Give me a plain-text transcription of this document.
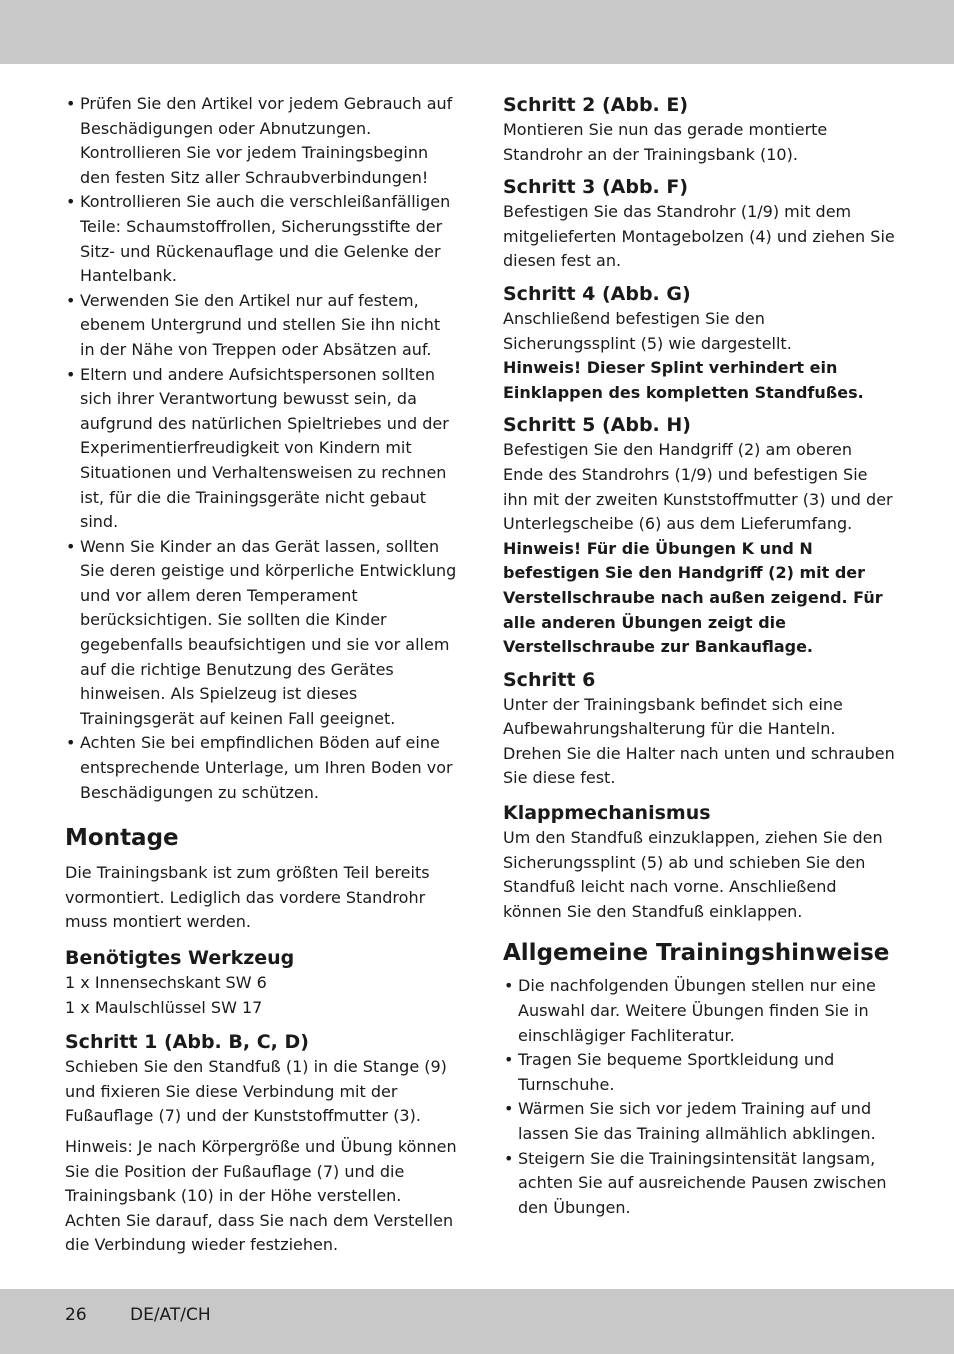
• Prüfen Sie den Artikel vor jedem Gebrauch auf Beschädigungen oder Abnutzungen. Kontrollieren Sie vor jedem Trainingsbeginn den festen Sitz aller Schraubverbindungen!
• Kontrollieren Sie auch die verschleißanfälligen Teile: Schaumstoffrollen, Sicherungsstifte der Sitz- und Rückenauflage und die Gelenke der Hantelbank.
• Verwenden Sie den Artikel nur auf festem, ebenem Untergrund und stellen Sie ihn nicht in der Nähe von Treppen oder Absätzen auf.
• Eltern und andere Aufsichtspersonen sollten sich ihrer Verantwortung bewusst sein, da aufgrund des natürlichen Spieltriebes und der Experimentierfreudigkeit von Kindern mit Situationen und Verhaltensweisen zu rechnen ist, für die die Trainingsgeräte nicht gebaut sind.
• Wenn Sie Kinder an das Gerät lassen, sollten Sie deren geistige und körperliche Entwicklung und vor allem deren Temperament berücksichtigen. Sie sollten die Kinder gegebenfalls beaufsichtigen und sie vor allem auf die richtige Benutzung des Gerätes hinweisen. Als Spielzeug ist dieses Trainingsgerät auf keinen Fall geeignet.
• Achten Sie bei empfindlichen Böden auf eine entsprechende Unterlage, um Ihren Boden vor Beschädigungen zu schützen.
Montage

Die Trainingsbank ist zum größten Teil bereits vormontiert. Lediglich das vordere Standrohr muss montiert werden.

Benötigtes Werkzeug

1 x Innensechskant SW 6

1 x Maulschlüssel SW 17

Schritt 1 (Abb. B, C, D)

Schieben Sie den Standfuß (1) in die Stange (9) und fixieren Sie diese Verbindung mit der Fußauflage (7) und der Kunststoffmutter (3).

Hinweis: Je nach Körpergröße und Übung können Sie die Position der Fußauflage (7) und die Trainingsbank (10) in der Höhe verstellen. Achten Sie darauf, dass Sie nach dem Verstellen die Verbindung wieder festziehen.

Schritt 2 (Abb. E)

Montieren Sie nun das gerade montierte Standrohr an der Trainingsbank (10).

Schritt 3 (Abb. F)

Befestigen Sie das Standrohr (1/9) mit dem mitgelieferten Montagebolzen (4) und ziehen Sie diesen fest an.

Schritt 4 (Abb. G)

Anschließend befestigen Sie den Sicherungssplint (5) wie dargestellt.

Hinweis! Dieser Splint verhindert ein Einklappen des kompletten Standfußes.

Schritt 5 (Abb. H)

Befestigen Sie den Handgriff (2) am oberen Ende des Standrohrs (1/9) und befestigen Sie ihn mit der zweiten Kunststoffmutter (3) und der Unterlegscheibe (6) aus dem Lieferumfang.

Hinweis! Für die Übungen K und N befestigen Sie den Handgriff (2) mit der Verstellschraube nach außen zeigend. Für alle anderen Übungen zeigt die Verstellschraube zur Bankauflage.

Schritt 6

Unter der Trainingsbank befindet sich eine Aufbewahrungshalterung für die Hanteln.

Drehen Sie die Halter nach unten und schrauben Sie diese fest.

Klappmechanismus

Um den Standfuß einzuklappen, ziehen Sie den Sicherungssplint (5) ab und schieben Sie den Standfuß leicht nach vorne. Anschließend können Sie den Standfuß einklappen.

Allgemeine Trainingshinweise
• Die nachfolgenden Übungen stellen nur eine Auswahl dar. Weitere Übungen finden Sie in einschlägiger Fachliteratur.
• Tragen Sie bequeme Sportkleidung und Turnschuhe.
• Wärmen Sie sich vor jedem Training auf und lassen Sie das Training allmählich abklingen.
• Steigern Sie die Trainingsintensität langsam, achten Sie auf ausreichende Pausen zwischen den Übungen.
26	DE/AT/CH
